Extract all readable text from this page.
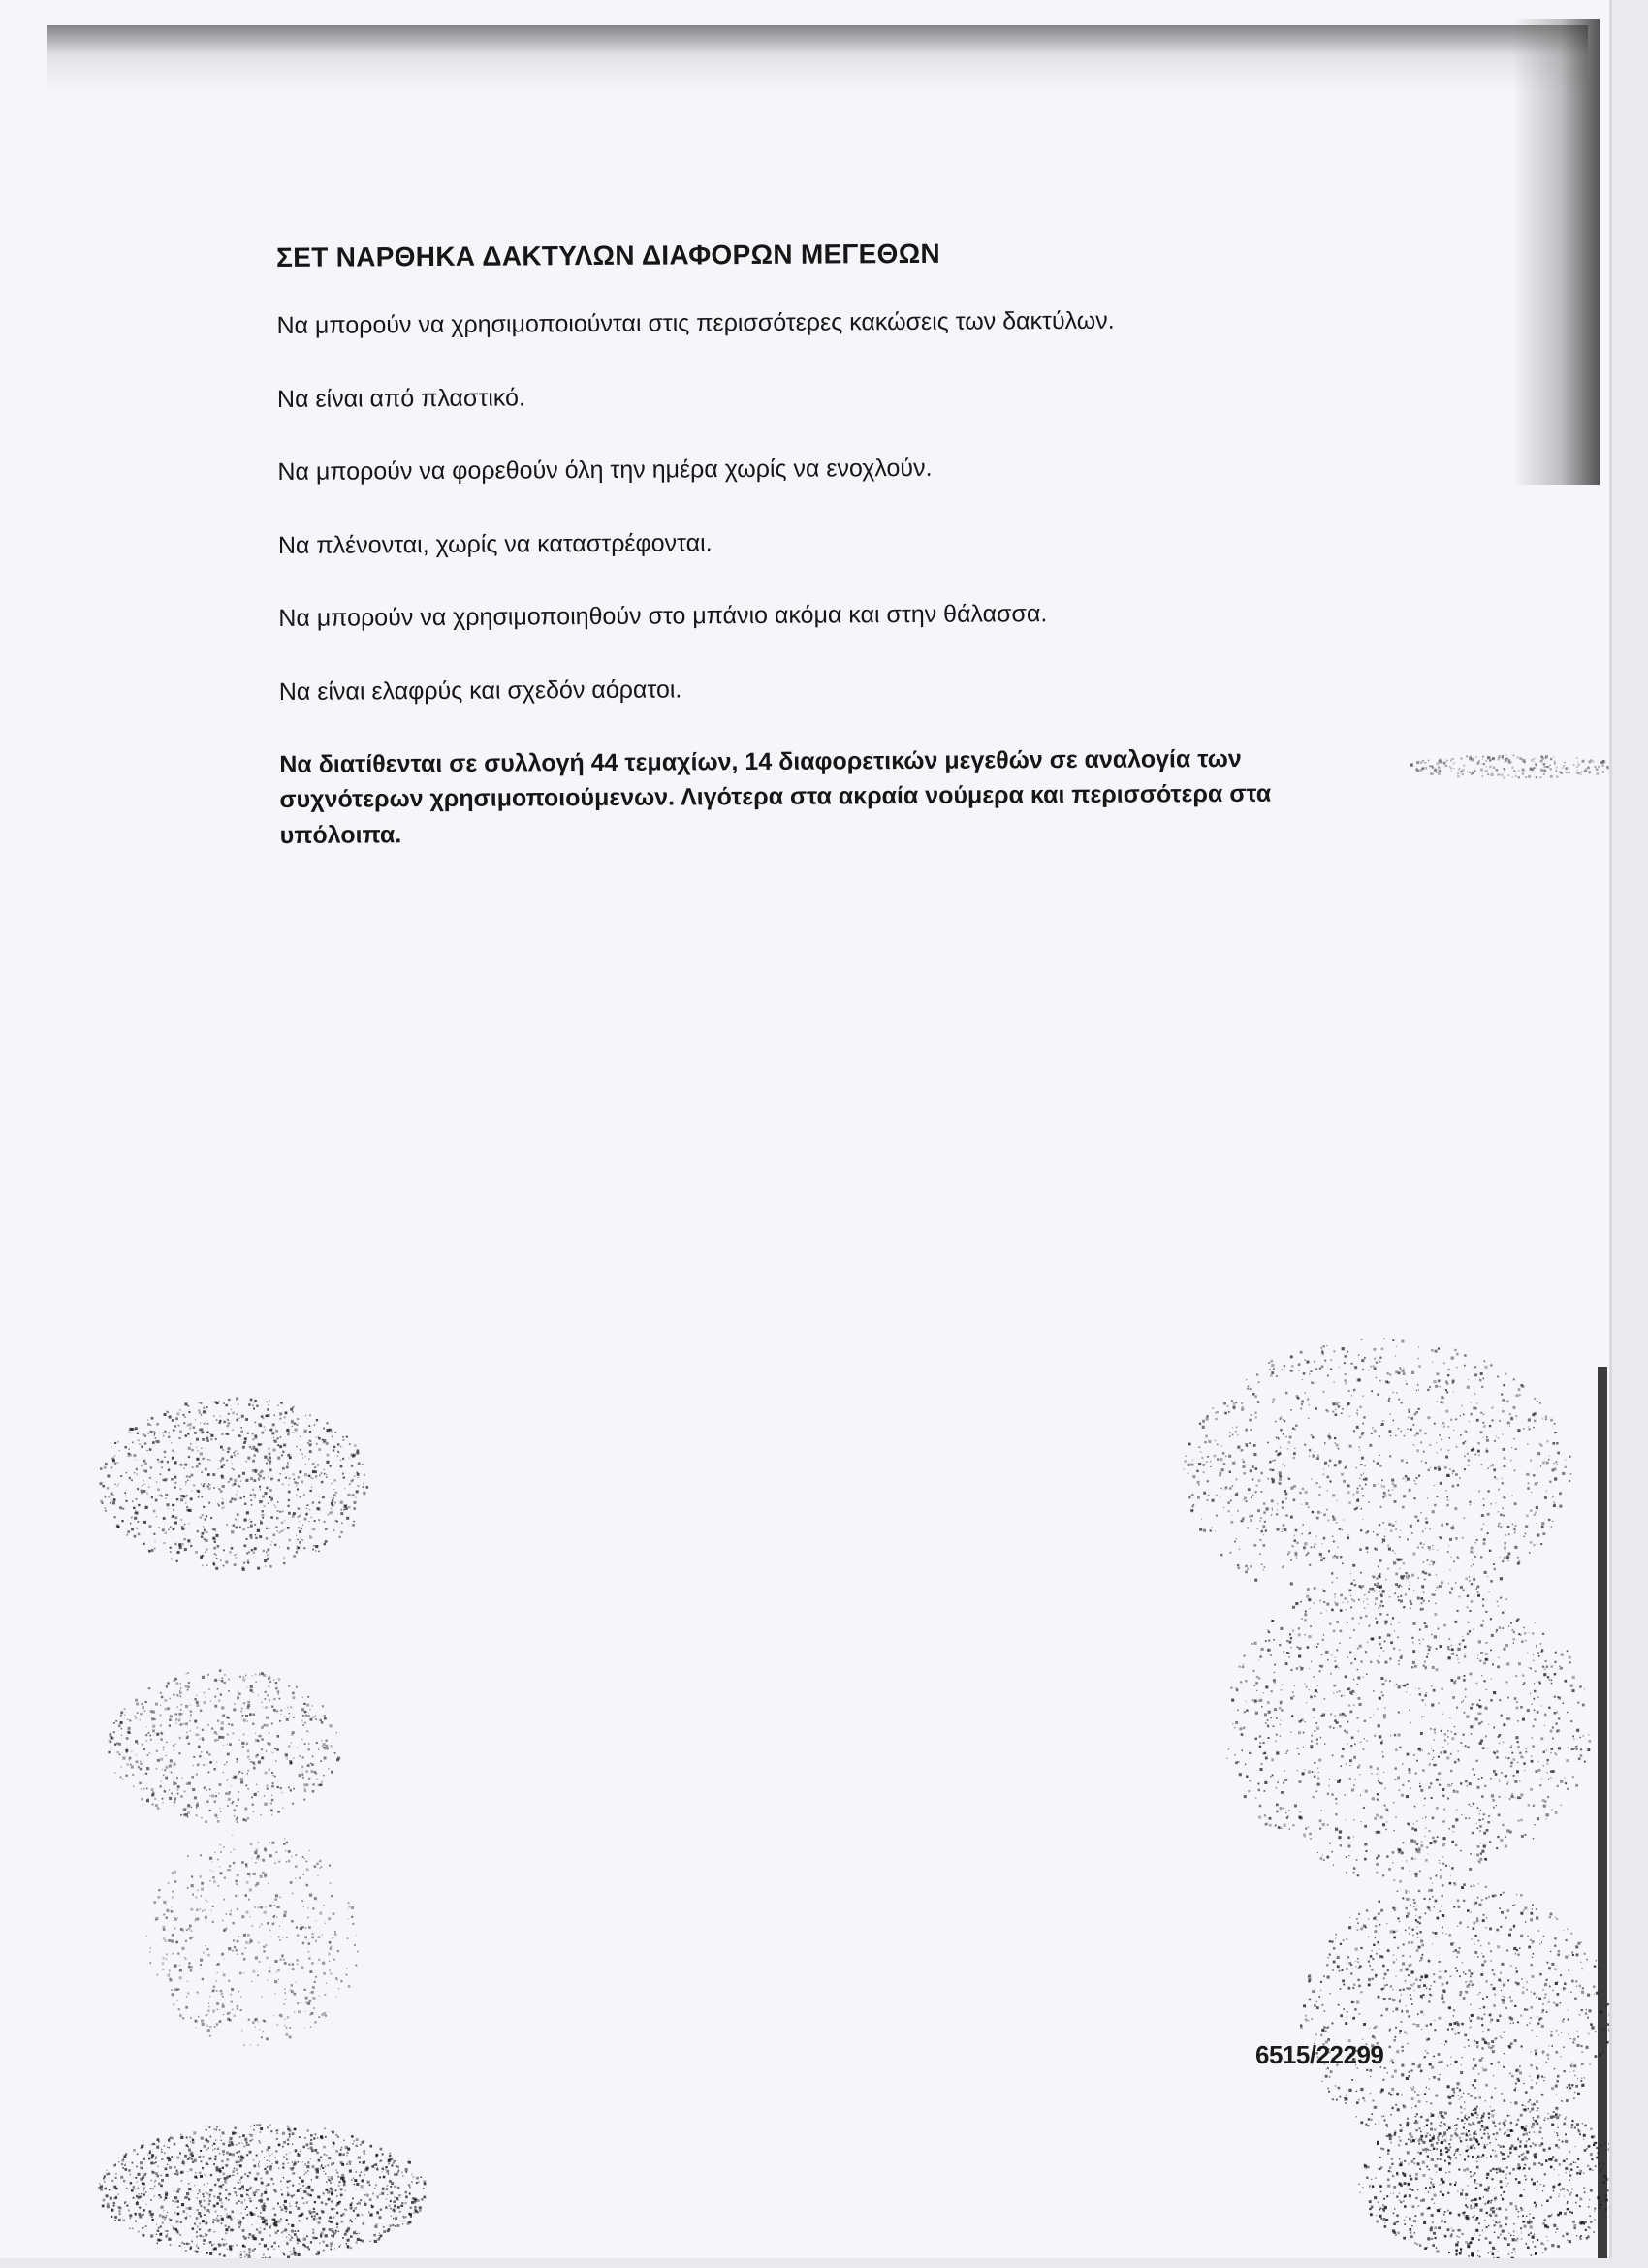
ΣΕΤ ΝΑΡΘΗΚΑ ΔΑΚΤΥΛΩΝ ΔΙΑΦΟΡΩΝ ΜΕΓΕΘΩΝ

Να μπορούν να χρησιμοποιούνται στις περισσότερες κακώσεις των δακτύλων.

Να είναι από πλαστικό.

Να μπορούν να φορεθούν όλη την ημέρα χωρίς να ενοχλούν.

Να πλένονται, χωρίς να καταστρέφονται.

Να μπορούν να χρησιμοποιηθούν στο μπάνιο ακόμα και στην θάλασσα.

Να είναι ελαφρύς και σχεδόν αόρατοι.

Να διατίθενται σε συλλογή 44 τεμαχίων, 14 διαφορετικών μεγεθών σε αναλογία των συχνότερων χρησιμοποιούμενων. Λιγότερα στα ακραία νούμερα και περισσότερα στα υπόλοιπα.

6515/22299
